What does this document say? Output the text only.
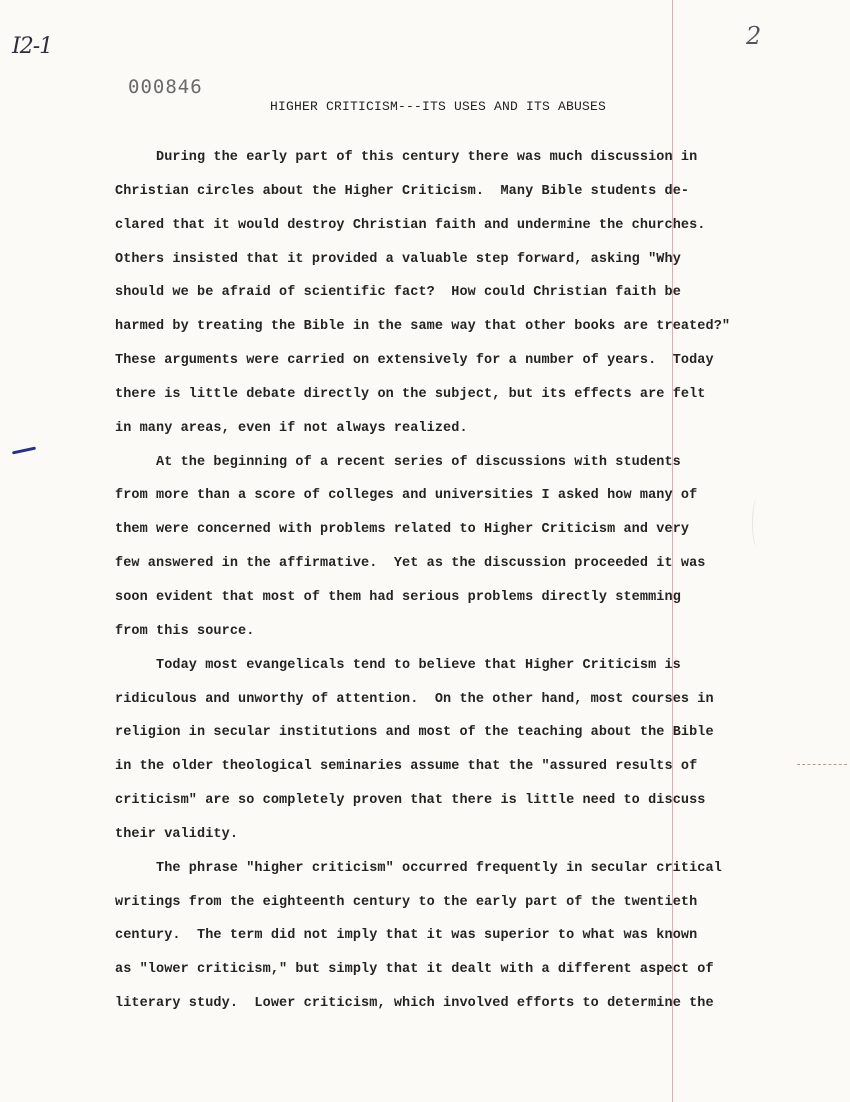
I2-1	2
000846
HIGHER CRITICISM---ITS USES AND ITS ABUSES
During the early part of this century there was much discussion in
Christian circles about the Higher Criticism.  Many Bible students de-
clared that it would destroy Christian faith and undermine the churches.
Others insisted that it provided a valuable step forward, asking "Why
should we be afraid of scientific fact?  How could Christian faith be
harmed by treating the Bible in the same way that other books are treated?"
These arguments were carried on extensively for a number of years.  Today
there is little debate directly on the subject, but its effects are felt
in many areas, even if not always realized.
At the beginning of a recent series of discussions with students
from more than a score of colleges and universities I asked how many of
them were concerned with problems related to Higher Criticism and very
few answered in the affirmative.  Yet as the discussion proceeded it was
soon evident that most of them had serious problems directly stemming
from this source.
Today most evangelicals tend to believe that Higher Criticism is
ridiculous and unworthy of attention.  On the other hand, most courses in
religion in secular institutions and most of the teaching about the Bible
in the older theological seminaries assume that the "assured results of
criticism" are so completely proven that there is little need to discuss
their validity.
The phrase "higher criticism" occurred frequently in secular critical
writings from the eighteenth century to the early part of the twentieth
century.  The term did not imply that it was superior to what was known
as "lower criticism," but simply that it dealt with a different aspect of
literary study.  Lower criticism, which involved efforts to determine the
